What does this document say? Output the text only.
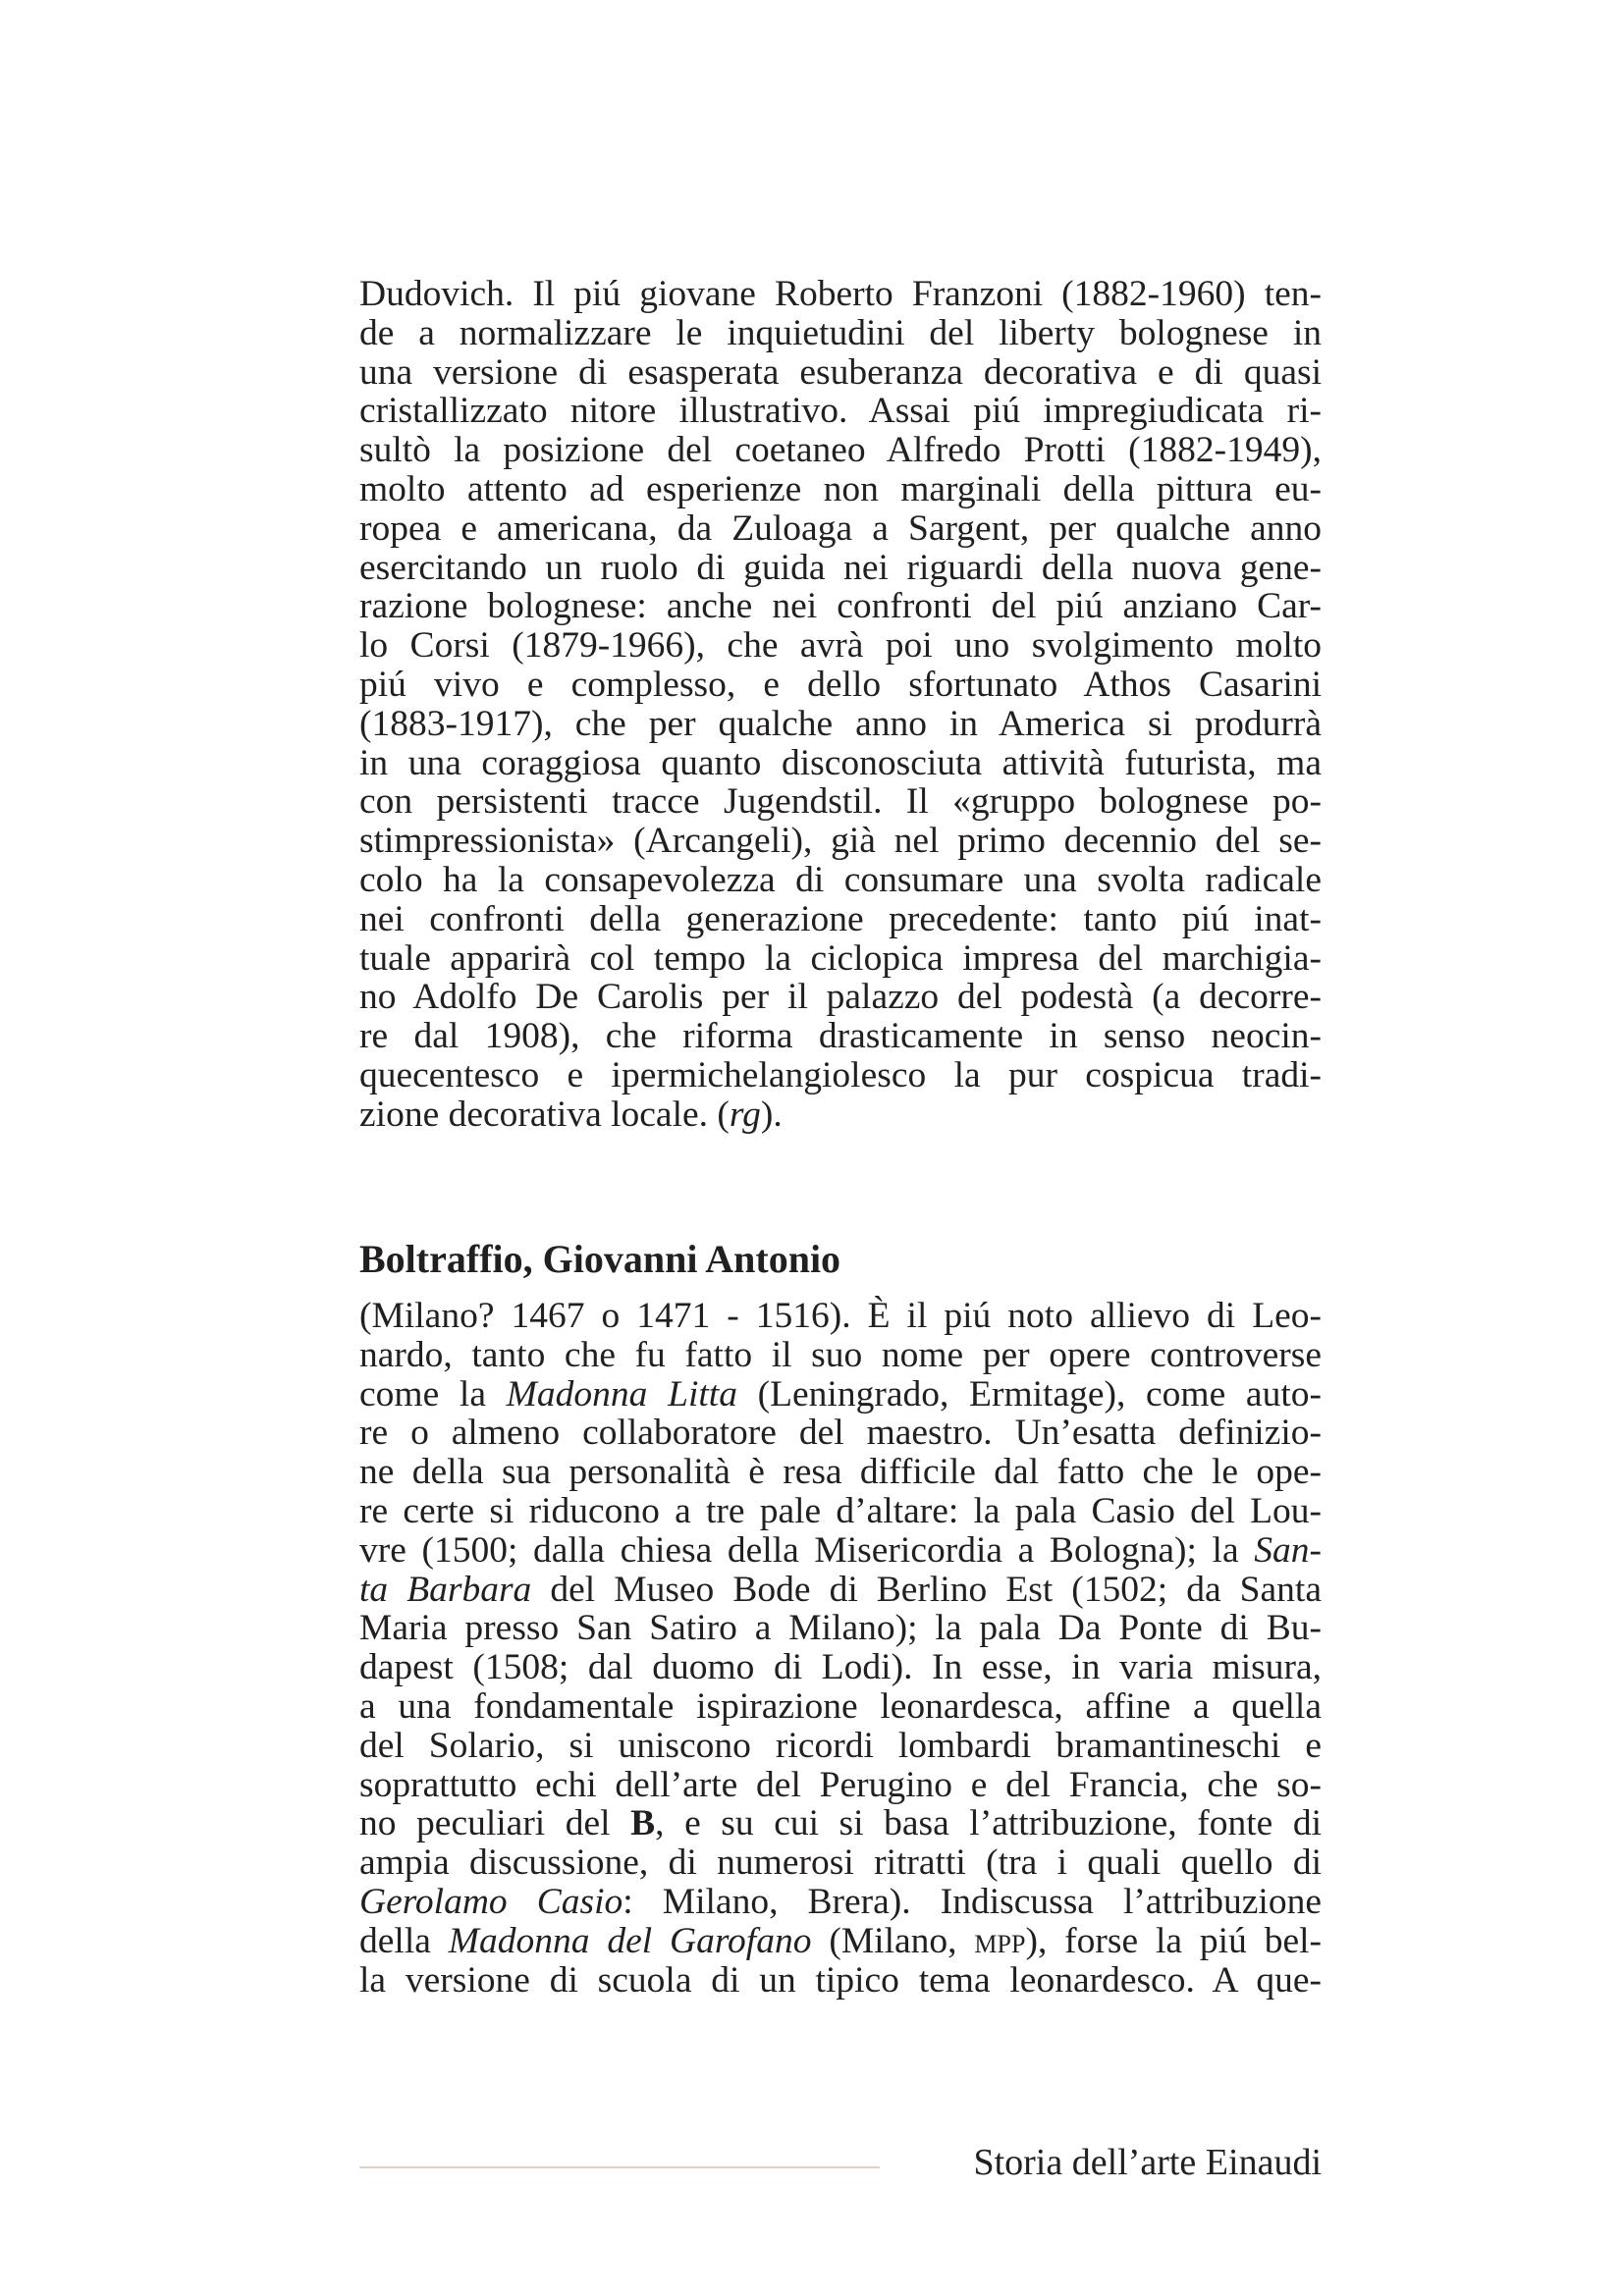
Dudovich. Il piú giovane Roberto Franzoni (1882-1960) ten-

de a normalizzare le inquietudini del liberty bolognese in

una versione di esasperata esuberanza decorativa e di quasi

cristallizzato nitore illustrativo. Assai piú impregiudicata ri-

sultò la posizione del coetaneo Alfredo Protti (1882-1949),

molto attento ad esperienze non marginali della pittura eu-

ropea e americana, da Zuloaga a Sargent, per qualche anno

esercitando un ruolo di guida nei riguardi della nuova gene-

razione bolognese: anche nei confronti del piú anziano Car-

lo Corsi (1879-1966), che avrà poi uno svolgimento molto

piú vivo e complesso, e dello sfortunato Athos Casarini

(1883-1917), che per qualche anno in America si produrrà

in una coraggiosa quanto disconosciuta attività futurista, ma

con persistenti tracce Jugendstil. Il «gruppo bolognese po-

stimpressionista» (Arcangeli), già nel primo decennio del se-

colo ha la consapevolezza di consumare una svolta radicale

nei confronti della generazione precedente: tanto piú inat-

tuale apparirà col tempo la ciclopica impresa del marchigia-

no Adolfo De Carolis per il palazzo del podestà (a decorre-

re dal 1908), che riforma drasticamente in senso neocin-

quecentesco e ipermichelangiolesco la pur cospicua tradi-

zione decorativa locale. (rg).

Boltraffio, Giovanni Antonio

(Milano? 1467 o 1471 - 1516). È il piú noto allievo di Leo-

nardo, tanto che fu fatto il suo nome per opere controverse

come la Madonna Litta (Leningrado, Ermitage), come auto-

re o almeno collaboratore del maestro. Un’esatta definizio-

ne della sua personalità è resa difficile dal fatto che le ope-

re certe si riducono a tre pale d’altare: la pala Casio del Lou-

vre (1500; dalla chiesa della Misericordia a Bologna); la San-

ta Barbara del Museo Bode di Berlino Est (1502; da Santa

Maria presso San Satiro a Milano); la pala Da Ponte di Bu-

dapest (1508; dal duomo di Lodi). In esse, in varia misura,

a una fondamentale ispirazione leonardesca, affine a quella

del Solario, si uniscono ricordi lombardi bramantineschi e

soprattutto echi dell’arte del Perugino e del Francia, che so-

no peculiari del B, e su cui si basa l’attribuzione, fonte di

ampia discussione, di numerosi ritratti (tra i quali quello di

Gerolamo Casio: Milano, Brera). Indiscussa l’attribuzione

della Madonna del Garofano (Milano, mpp), forse la piú bel-

la versione di scuola di un tipico tema leonardesco. A que-

Storia dell’arte Einaudi
